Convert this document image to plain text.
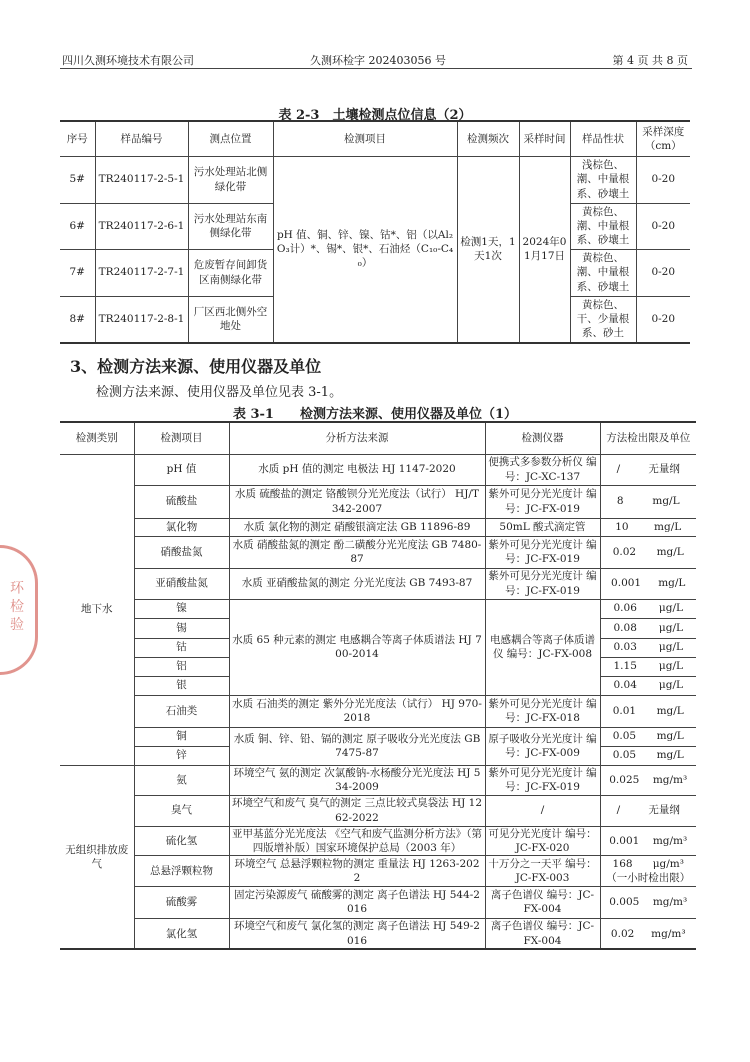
环 检 验
四川久测环境技术有限公司	久测环检字 202403056 号	第 4 页 共 8 页
表 2-3　土壤检测点位信息（2）
序号	样品编号	测点位置	检测项目	检测频次	采样时间	样品性状	采样深度（cm）
5#	TR240117-2-5-1	污水处理站北侧绿化带	pH 值、铜、锌、镍、钴*、铝（以Al₂O₃计）*、锡*、银*、石油烃（C₁₀-C₄₀）	检测1天，1天1次	2024年01月17日	浅棕色、潮、中量根系、砂壤土	0-20
6#	TR240117-2-6-1	污水处理站东南侧绿化带				黄棕色、潮、中量根系、砂壤土	0-20
7#	TR240117-2-7-1	危废暂存间卸货区南侧绿化带				黄棕色、潮、中量根系、砂壤土	0-20
8#	TR240117-2-8-1	厂区西北侧外空地处				黄棕色、干、少量根系、砂土	0-20
3、检测方法来源、使用仪器及单位
检测方法来源、使用仪器及单位见表 3-1。
表 3-1　　检测方法来源、使用仪器及单位（1）
检测类别	检测项目	分析方法来源	检测仪器	方法检出限及单位
地下水	pH 值	水质 pH 值的测定 电极法 HJ 1147-2020	便携式多参数分析仪 编号：JC-XC-137	/ 无量纲

	硫酸盐	水质 硫酸盐的测定 铬酸钡分光光度法（试行） HJ/T 342-2007	紫外可见分光光度计 编号：JC-FX-019	8 mg/L

	氯化物	水质 氯化物的测定 硝酸银滴定法 GB 11896-89	50mL 酸式滴定管	10 mg/L

	硝酸盐氮	水质 硝酸盐氮的测定 酚二磺酸分光光度法 GB 7480-87	紫外可见分光光度计 编号：JC-FX-019	0.02 mg/L

	亚硝酸盐氮	水质 亚硝酸盐氮的测定 分光光度法 GB 7493-87	紫外可见分光光度计 编号：JC-FX-019	0.001 mg/L

	镍	水质 65 种元素的测定 电感耦合等离子体质谱法 HJ 700-2014	电感耦合等离子体质谱仪 编号：JC-FX-008	0.06 μg/L

	锡			0.08 μg/L

	钴			0.03 μg/L

	铝			1.15 μg/L

	银			0.04 μg/L

	石油类	水质 石油类的测定 紫外分光光度法（试行） HJ 970-2018	紫外可见分光光度计 编号：JC-FX-018	0.01 mg/L

	铜	水质 铜、锌、铅、镉的测定 原子吸收分光光度法 GB 7475-87	原子吸收分光光度计 编号：JC-FX-009	0.05 mg/L

	锌			0.05 mg/L

无组织排放废气	氨	环境空气 氨的测定 次氯酸钠-水杨酸分光光度法 HJ 534-2009	紫外可见分光光度计 编号：JC-FX-019	0.025 mg/m³

	臭气	环境空气和废气 臭气的测定 三点比较式臭袋法 HJ 1262-2022	/	/ 无量纲

	硫化氢	亚甲基蓝分光光度法 《空气和废气监测分析方法》（第四版增补版）国家环境保护总局（2003 年）	可见分光光度计 编号：JC-FX-020	0.001 mg/m³

	总悬浮颗粒物	环境空气 总悬浮颗粒物的测定 重量法 HJ 1263-2022	十万分之一天平 编号：JC-FX-003	168 μg/m³
（一小时检出限）

	硫酸雾	固定污染源废气 硫酸雾的测定 离子色谱法 HJ 544-2016	离子色谱仪 编号：JC-FX-004	0.005 mg/m³

	氯化氢	环境空气和废气 氯化氢的测定 离子色谱法 HJ 549-2016	离子色谱仪 编号：JC-FX-004	0.02 mg/m³
